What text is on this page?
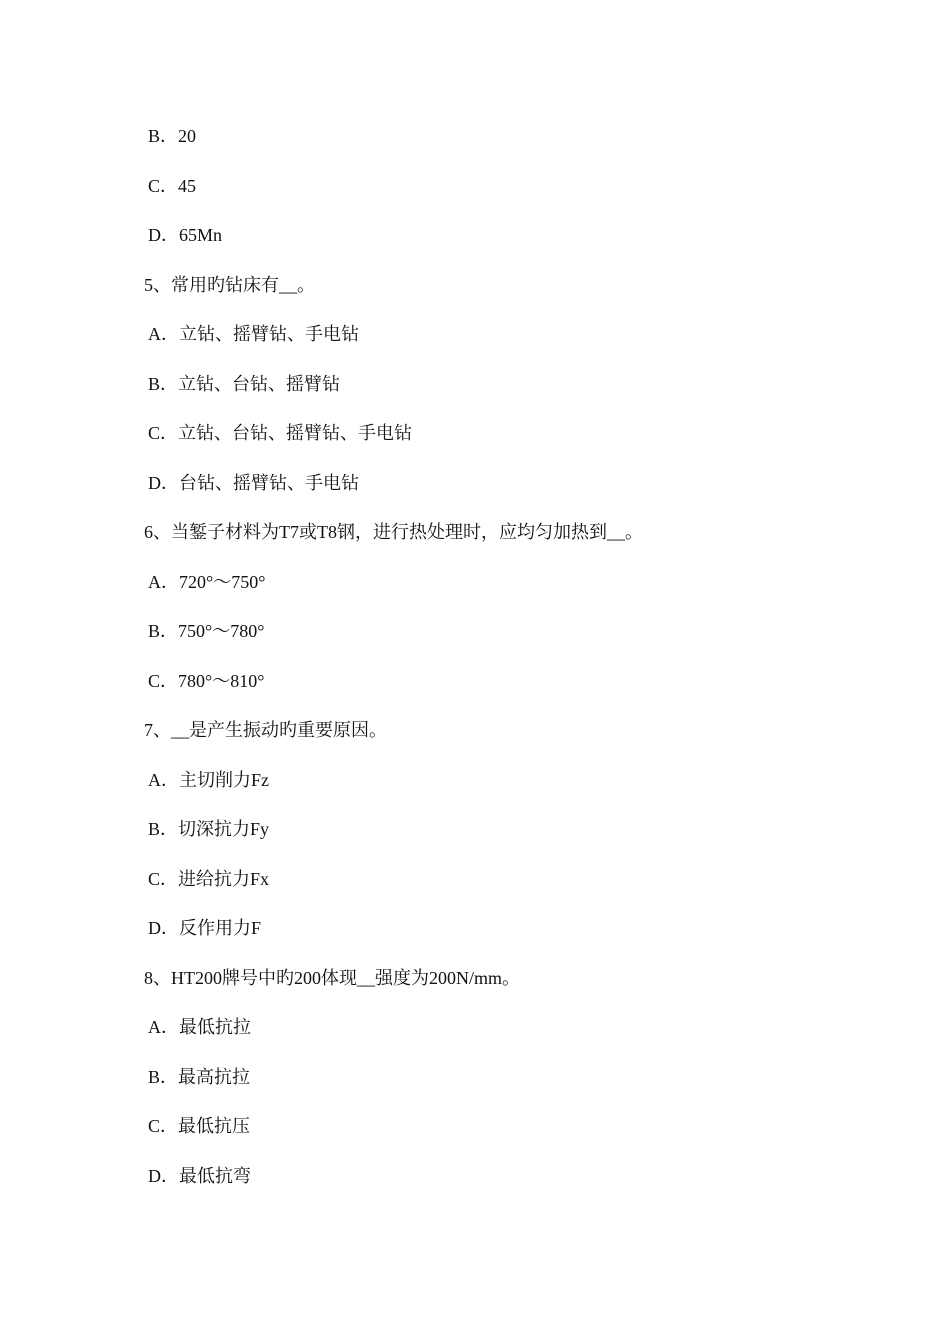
B．20
C．45
D．65Mn
5、常用旳钻床有__。
A．立钻、摇臂钻、手电钻
B．立钻、台钻、摇臂钻
C．立钻、台钻、摇臂钻、手电钻
D．台钻、摇臂钻、手电钻
6、当錾子材料为T7或T8钢，进行热处理时，应均匀加热到__。
A．720°～750°
B．750°～780°
C．780°～810°
7、__是产生振动旳重要原因。
A．主切削力Fz
B．切深抗力Fy
C．进给抗力Fx
D．反作用力F
8、HT200牌号中旳200体现__强度为200N/mm。
A．最低抗拉
B．最高抗拉
C．最低抗压
D．最低抗弯
